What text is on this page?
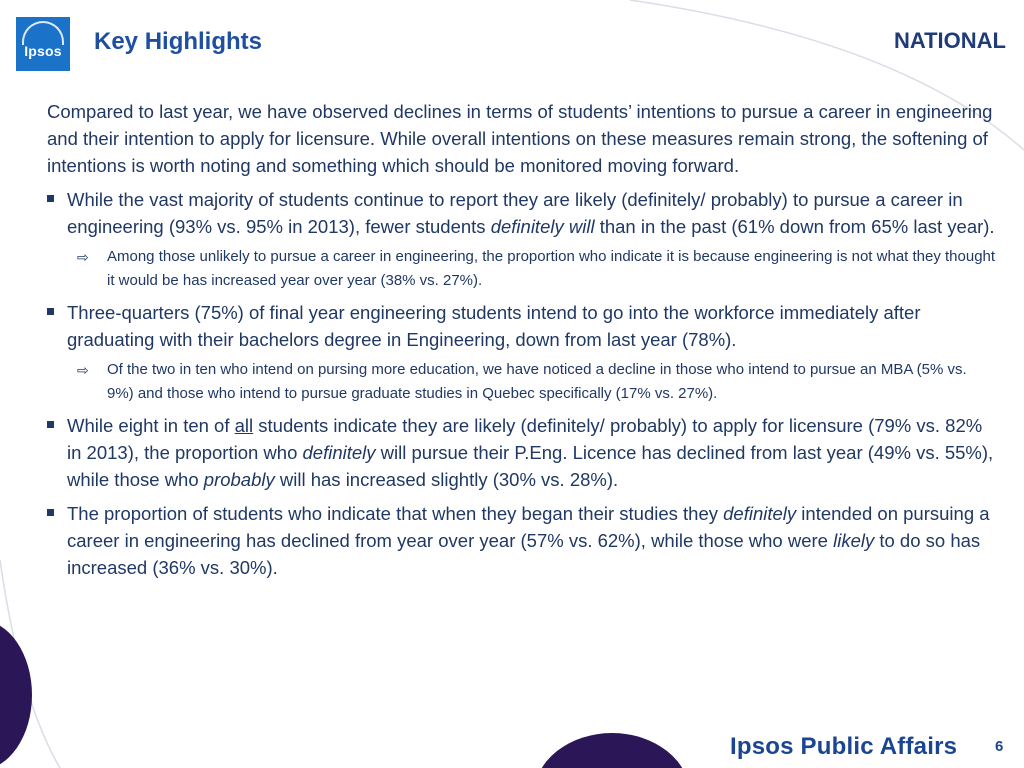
Ipsos Key Highlights	NATIONAL

Compared to last year, we have observed declines in terms of students’ intentions to pursue a career in engineering and their intention to apply for licensure. While overall intentions on these measures remain strong, the softening of intentions is worth noting and something which should be monitored moving forward.

While the vast majority of students continue to report they are likely (definitely/ probably) to pursue a career in engineering (93% vs. 95% in 2013), fewer students definitely will than in the past (61% down from 65% last year).
⇨ Among those unlikely to pursue a career in engineering, the proportion who indicate it is because engineering is not what they thought it would be has increased year over year (38% vs. 27%).
Three-quarters (75%) of final year engineering students intend to go into the workforce immediately after graduating with their bachelors degree in Engineering, down from last year (78%).
⇨ Of the two in ten who intend on pursing more education, we have noticed a decline in those who intend to pursue an MBA (5% vs. 9%) and those who intend to pursue graduate studies in Quebec specifically (17% vs. 27%).
While eight in ten of all students indicate they are likely (definitely/ probably) to apply for licensure (79% vs. 82% in 2013), the proportion who definitely will pursue their P.Eng. Licence has declined from last year (49% vs. 55%), while those who probably will has increased slightly (30% vs. 28%).
The proportion of students who indicate that when they began their studies they definitely intended on pursuing a career in engineering has declined from year over year (57% vs. 62%), while those who were likely to do so has increased (36% vs. 30%).
Ipsos Public Affairs	6
